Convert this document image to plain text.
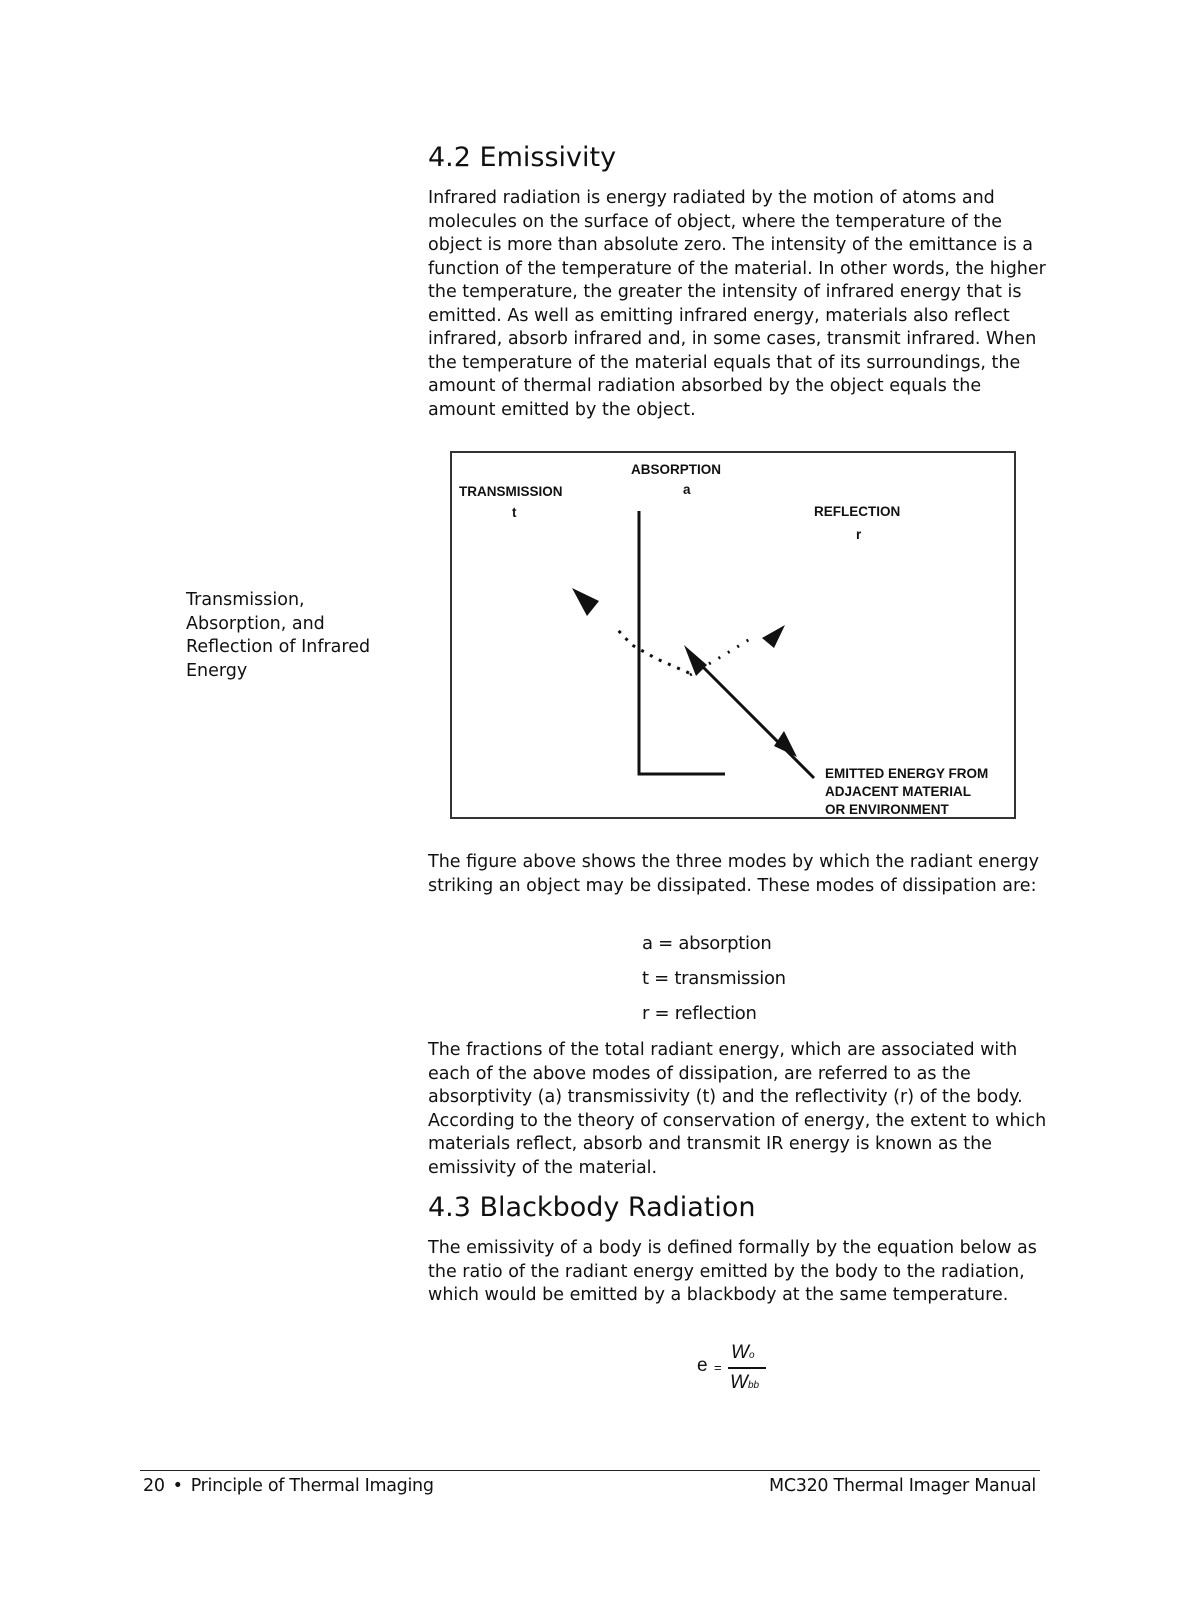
4.2 Emissivity

Infrared radiation is energy radiated by the motion of atoms and molecules on the surface of object, where the temperature of the object is more than absolute zero. The intensity of the emittance is a function of the temperature of the material. In other words, the higher the temperature, the greater the intensity of infrared energy that is emitted. As well as emitting infrared energy, materials also reflect infrared, absorb infrared and, in some cases, transmit infrared. When the temperature of the material equals that of its surroundings, the amount of thermal radiation absorbed by the object equals the amount emitted by the object.

Transmission, Absorption, and Reflection of Infrared Energy
ABSORPTION
a
TRANSMISSION
t	REFLECTION
r
EMITTED ENERGY FROM
ADJACENT MATERIAL
OR ENVIRONMENT

The figure above shows the three modes by which the radiant energy striking an object may be dissipated. These modes of dissipation are:

a = absorption
t = transmission
r = reflection

The fractions of the total radiant energy, which are associated with each of the above modes of dissipation, are referred to as the absorptivity (a) transmissivity (t) and the reflectivity (r) of the body. According to the theory of conservation of energy, the extent to which materials reflect, absorb and transmit IR energy is known as the emissivity of the material.

4.3 Blackbody Radiation

The emissivity of a body is defined formally by the equation below as the ratio of the radiant energy emitted by the body to the radiation, which would be emitted by a blackbody at the same temperature.

e =
Wo
Wbb
20 • Principle of Thermal Imaging	MC320 Thermal Imager Manual
